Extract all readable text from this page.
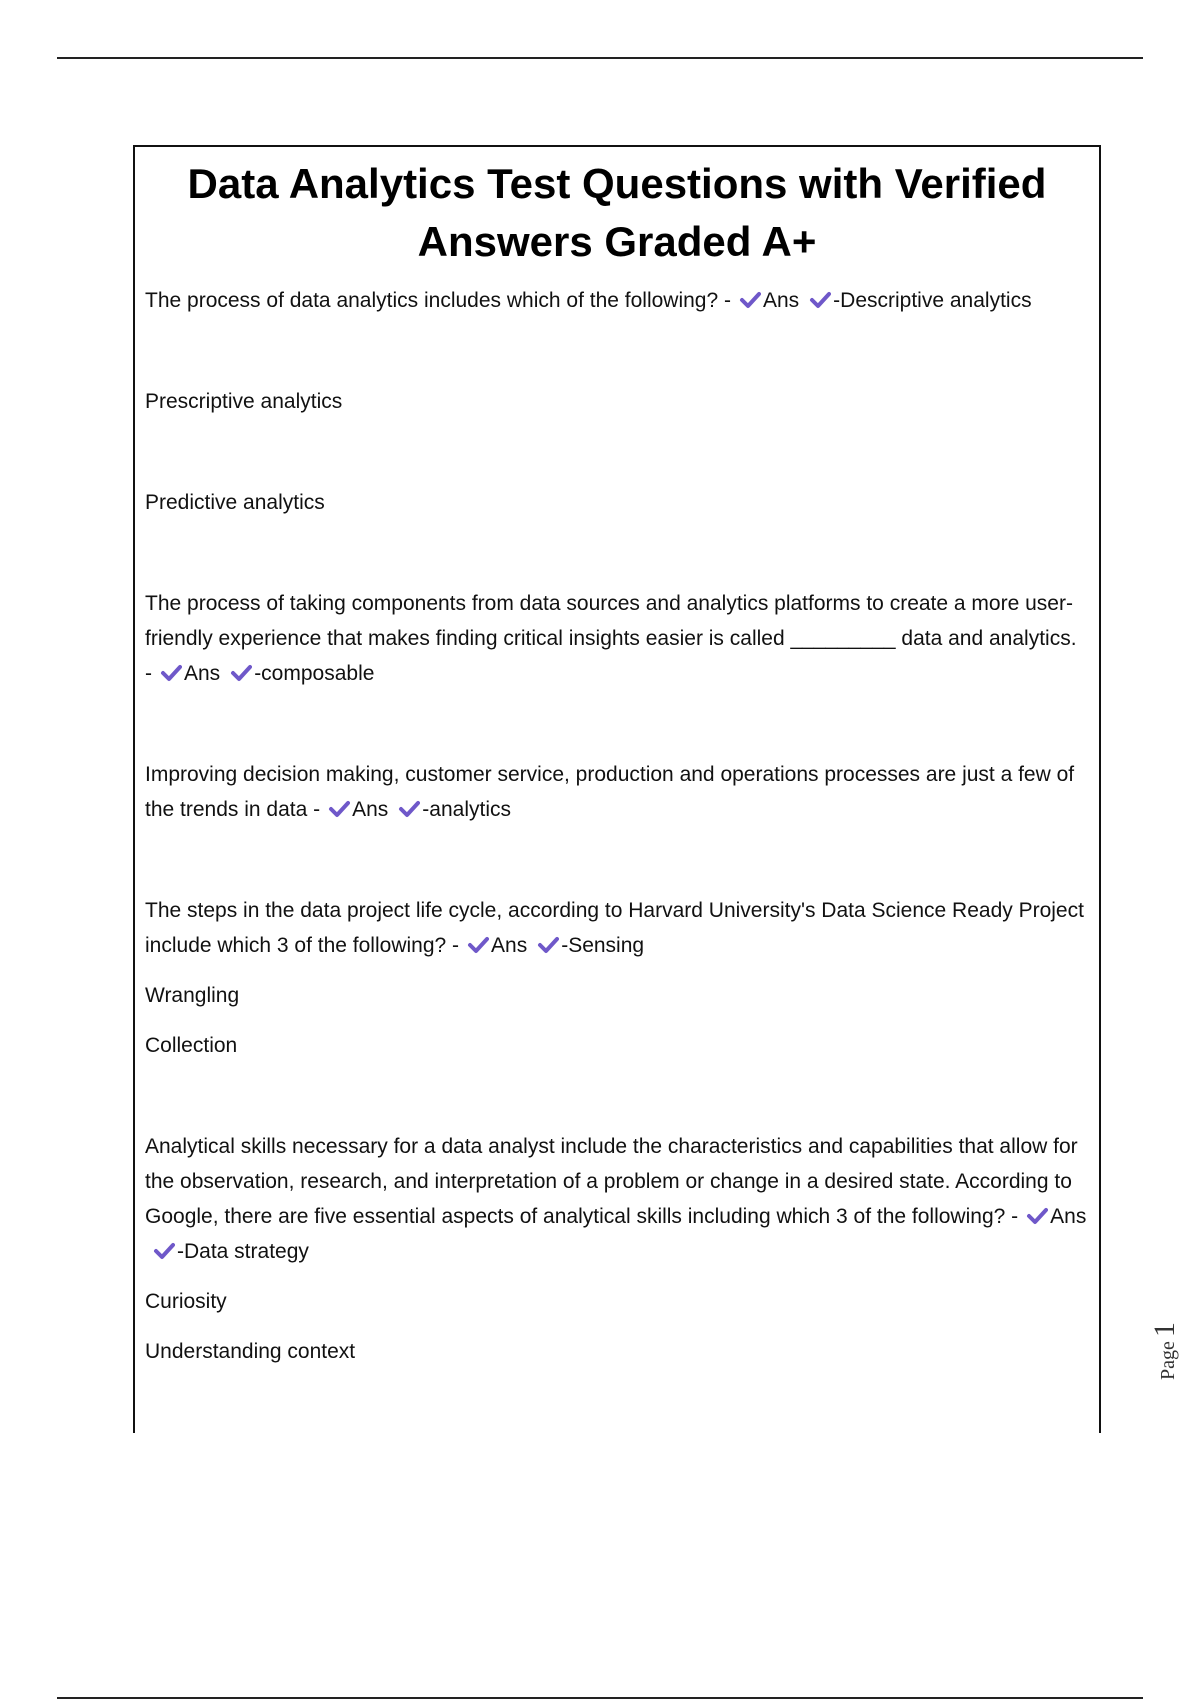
Data Analytics Test Questions with Verified Answers Graded A+

The process of data analytics includes which of the following? - Ans -Descriptive analytics

Prescriptive analytics

Predictive analytics

The process of taking components from data sources and analytics platforms to create a more user-friendly experience that makes finding critical insights easier is called _________ data and analytics. - Ans -composable

Improving decision making, customer service, production and operations processes are just a few of the trends in data - Ans -analytics

The steps in the data project life cycle, according to Harvard University's Data Science Ready Project include which 3 of the following? - Ans -Sensing

Wrangling

Collection

Analytical skills necessary for a data analyst include the characteristics and capabilities that allow for the observation, research, and interpretation of a problem or change in a desired state. According to Google, there are five essential aspects of analytical skills including which 3 of the following? - Ans-Data strategy

Curiosity

Understanding context	Page1
